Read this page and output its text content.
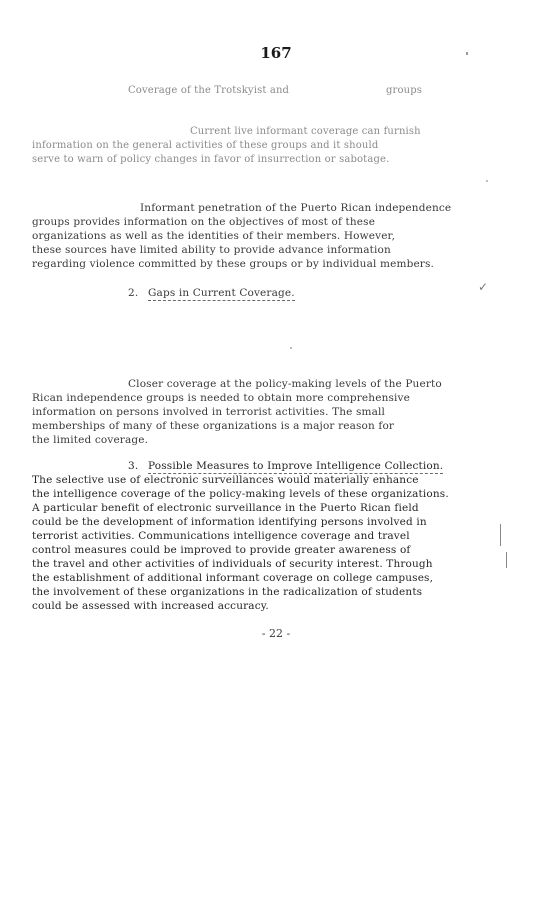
167
Coverage of the Trotskyist and	groups
Current live informant coverage can furnish
information on the general activities of these groups and it should
serve to warn of policy changes in favor of insurrection or sabotage.
Informant penetration of the Puerto Rican independence
groups provides information on the objectives of most of these
organizations as well as the identities of their members. However,
these sources have limited ability to provide advance information
regarding violence committed by these groups or by individual members.
2. Gaps in Current Coverage.	✓
Closer coverage at the policy-making levels of the Puerto
Rican independence groups is needed to obtain more comprehensive
information on persons involved in terrorist activities. The small
memberships of many of these organizations is a major reason for
the limited coverage.
3. Possible Measures to Improve Intelligence Collection.
The selective use of electronic surveillances would materially enhance
the intelligence coverage of the policy-making levels of these organizations.
A particular benefit of electronic surveillance in the Puerto Rican field
could be the development of information identifying persons involved in
terrorist activities. Communications intelligence coverage and travel
control measures could be improved to provide greater awareness of
the travel and other activities of individuals of security interest. Through
the establishment of additional informant coverage on college campuses,
the involvement of these organizations in the radicalization of students
could be assessed with increased accuracy.
- 22 -
